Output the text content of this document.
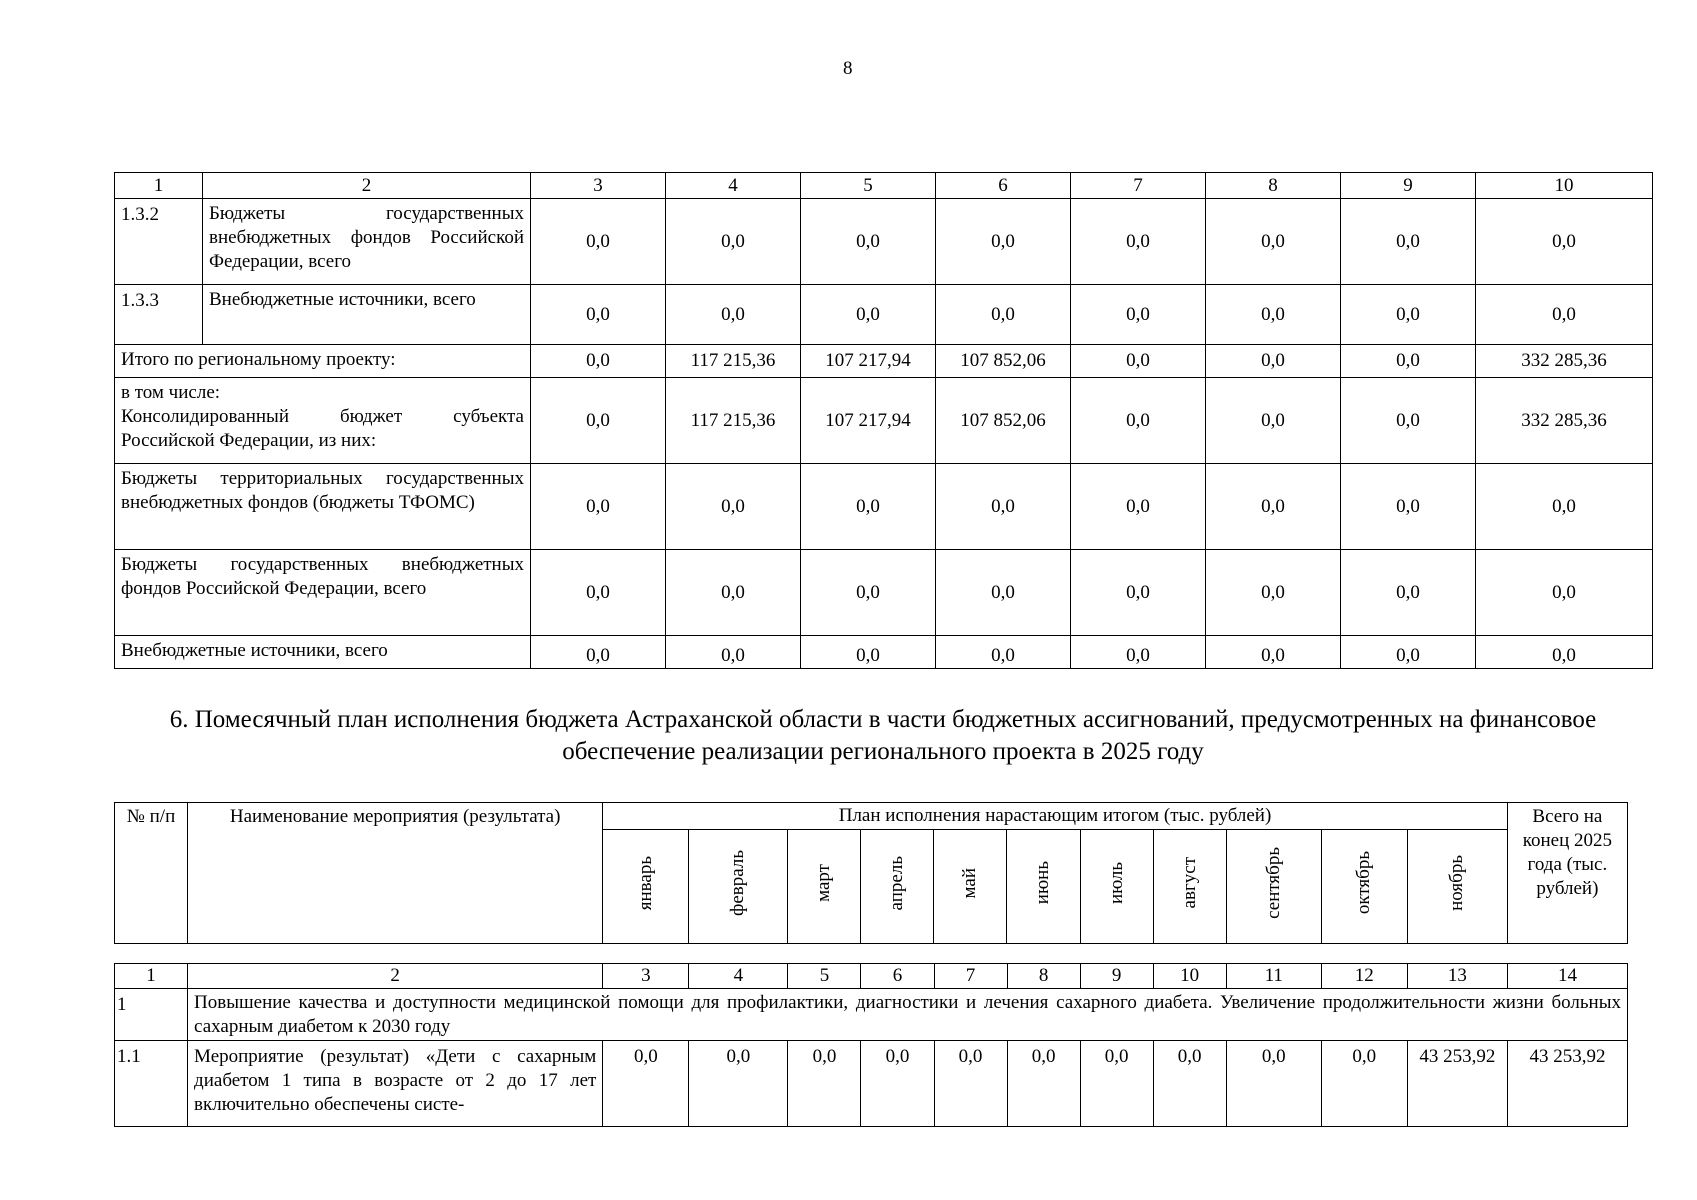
8
1	2	3	4	5	6	7	8	9	10
1.3.2	Бюджеты государственных внебюджетных фондов Российской Федерации, всего	0,0	0,0	0,0	0,0	0,0	0,0	0,0	0,0
1.3.3	Внебюджетные источники, всего	0,0	0,0	0,0	0,0	0,0	0,0	0,0	0,0
Итого по региональному проекту:		0,0	117 215,36	107 217,94	107 852,06	0,0	0,0	0,0	332 285,36
в том числе:
Консолидированный бюджет субъекта Российской Федерации, из них:		0,0	117 215,36	107 217,94	107 852,06	0,0	0,0	0,0	332 285,36
Бюджеты территориальных государственных внебюджетных фондов (бюджеты ТФОМС)		0,0	0,0	0,0	0,0	0,0	0,0	0,0	0,0
Бюджеты государственных внебюджетных фондов Российской Федерации, всего		0,0	0,0	0,0	0,0	0,0	0,0	0,0	0,0
Внебюджетные источники, всего		0,0	0,0	0,0	0,0	0,0	0,0	0,0	0,0
6. Помесячный план исполнения бюджета Астраханской области в части бюджетных ассигнований, предусмотренных на финансовое обеспечение реализации регионального проекта в 2025 году
№ п/п	Наименование мероприятия (результата)	План исполнения нарастающим итогом (тыс. рублей)											Всего на конец 2025 года (тыс. рублей)
		январь	февраль	март	апрель	май	июнь	июль	август	сентябрь	октябрь	ноябрь	
1	2	3	4	5	6	7	8	9	10	11	12	13	14
1	Повышение качества и доступности медицинской помощи для профилактики, диагностики и лечения сахарного диабета. Увеличение продолжительности жизни больных сахарным диабетом к 2030 году												
1.1	Мероприятие (результат) «Дети с сахарным диабетом 1 типа в возрасте от 2 до 17 лет включительно обеспечены систе-	0,0	0,0	0,0	0,0	0,0	0,0	0,0	0,0	0,0	0,0	43 253,92	43 253,92
